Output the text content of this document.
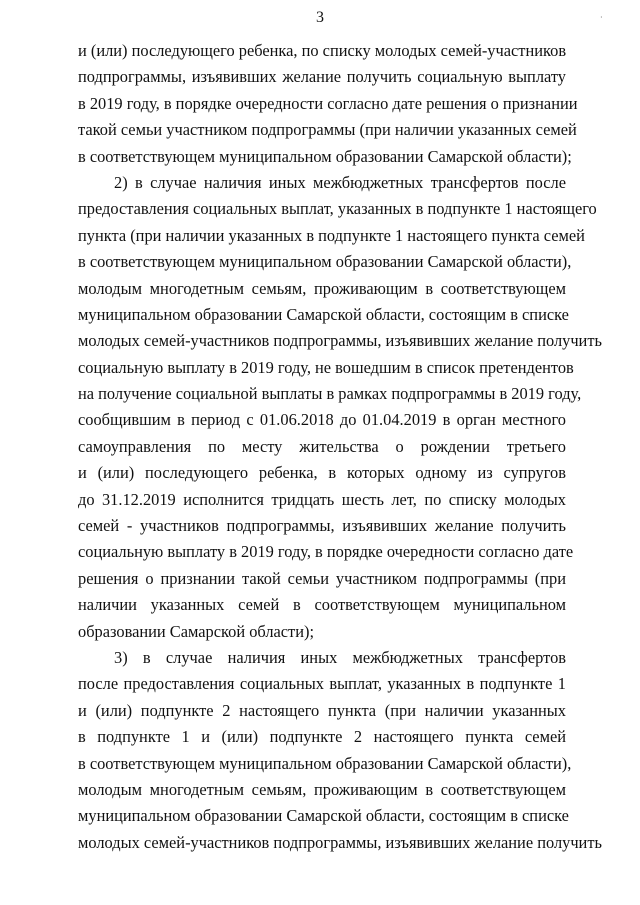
3	·
и (или) последующего ребенка, по списку молодых семей-участников
подпрограммы, изъявивших желание получить социальную выплату
в 2019 году, в порядке очередности согласно дате решения о признании
такой семьи участником подпрограммы (при наличии указанных семей
в соответствующем муниципальном образовании Самарской области);
2) в случае наличия иных межбюджетных трансфертов после
предоставления социальных выплат, указанных в подпункте 1 настоящего
пункта (при наличии указанных в подпункте 1 настоящего пункта семей
в соответствующем муниципальном образовании Самарской области),
молодым многодетным семьям, проживающим в соответствующем
муниципальном образовании Самарской области, состоящим в списке
молодых семей-участников подпрограммы, изъявивших желание получить
социальную выплату в 2019 году, не вошедшим в список претендентов
на получение социальной выплаты в рамках подпрограммы в 2019 году,
сообщившим в период с 01.06.2018 до 01.04.2019 в орган местного
самоуправления по месту жительства о рождении третьего
и (или) последующего ребенка, в которых одному из супругов
до 31.12.2019 исполнится тридцать шесть лет, по списку молодых
семей - участников подпрограммы, изъявивших желание получить
социальную выплату в 2019 году, в порядке очередности согласно дате
решения о признании такой семьи участником подпрограммы (при
наличии указанных семей в соответствующем муниципальном
образовании Самарской области);
3) в случае наличия иных межбюджетных трансфертов
после предоставления социальных выплат, указанных в подпункте 1
и (или) подпункте 2 настоящего пункта (при наличии указанных
в подпункте 1 и (или) подпункте 2 настоящего пункта семей
в соответствующем муниципальном образовании Самарской области),
молодым многодетным семьям, проживающим в соответствующем
муниципальном образовании Самарской области, состоящим в списке
молодых семей-участников подпрограммы, изъявивших желание получить
